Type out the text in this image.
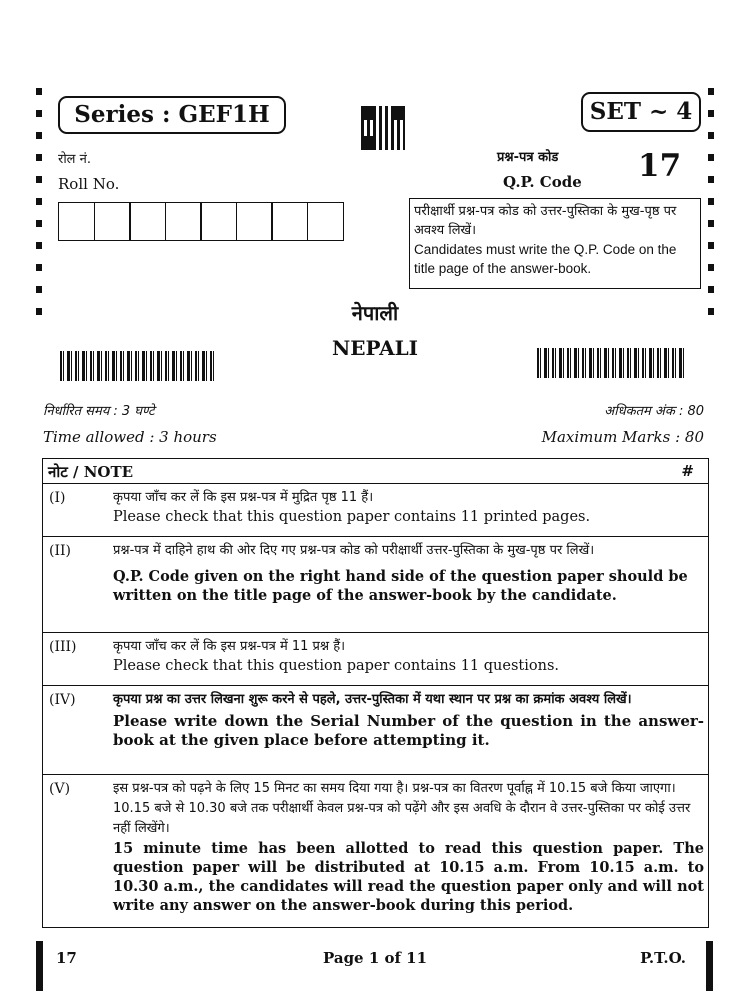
Series : GEF1H	SET ~ 4
रोल नं.
Roll No.
प्रश्न-पत्र कोड
Q.P. Code 17
परीक्षार्थी प्रश्न-पत्र कोड को उत्तर-पुस्तिका के मुख-पृष्ठ पर अवश्य लिखें।
Candidates must write the Q.P. Code on the title page of the answer-book.
नेपाली
NEPALI
निर्धारित समय : 3 घण्टे
Time allowed : 3 hours
अधिकतम अंक : 80
Maximum Marks : 80
नोट / NOTE	#
(I)	कृपया जाँच कर लें कि इस प्रश्न-पत्र में मुद्रित पृष्ठ 11 हैं।
Please check that this question paper contains 11 printed pages.
(II)	प्रश्न-पत्र में दाहिने हाथ की ओर दिए गए प्रश्न-पत्र कोड को परीक्षार्थी उत्तर-पुस्तिका के मुख-पृष्ठ पर लिखें।
Q.P. Code given on the right hand side of the question paper should be written on the title page of the answer-book by the candidate.
(III)	कृपया जाँच कर लें कि इस प्रश्न-पत्र में 11 प्रश्न हैं।
Please check that this question paper contains 11 questions.
(IV)	कृपया प्रश्न का उत्तर लिखना शुरू करने से पहले, उत्तर-पुस्तिका में यथा स्थान पर प्रश्न का क्रमांक अवश्य लिखें।
Please write down the Serial Number of the question in the answer-book at the given place before attempting it.
(V)	इस प्रश्न-पत्र को पढ़ने के लिए 15 मिनट का समय दिया गया है। प्रश्न-पत्र का वितरण पूर्वाह्न में 10.15 बजे किया जाएगा। 10.15 बजे से 10.30 बजे तक परीक्षार्थी केवल प्रश्न-पत्र को पढ़ेंगे और इस अवधि के दौरान वे उत्तर-पुस्तिका पर कोई उत्तर नहीं लिखेंगे।
15 minute time has been allotted to read this question paper. The question paper will be distributed at 10.15 a.m. From 10.15 a.m. to 10.30 a.m., the candidates will read the question paper only and will not write any answer on the answer-book during this period.
17	Page 1 of 11	P.T.O.
